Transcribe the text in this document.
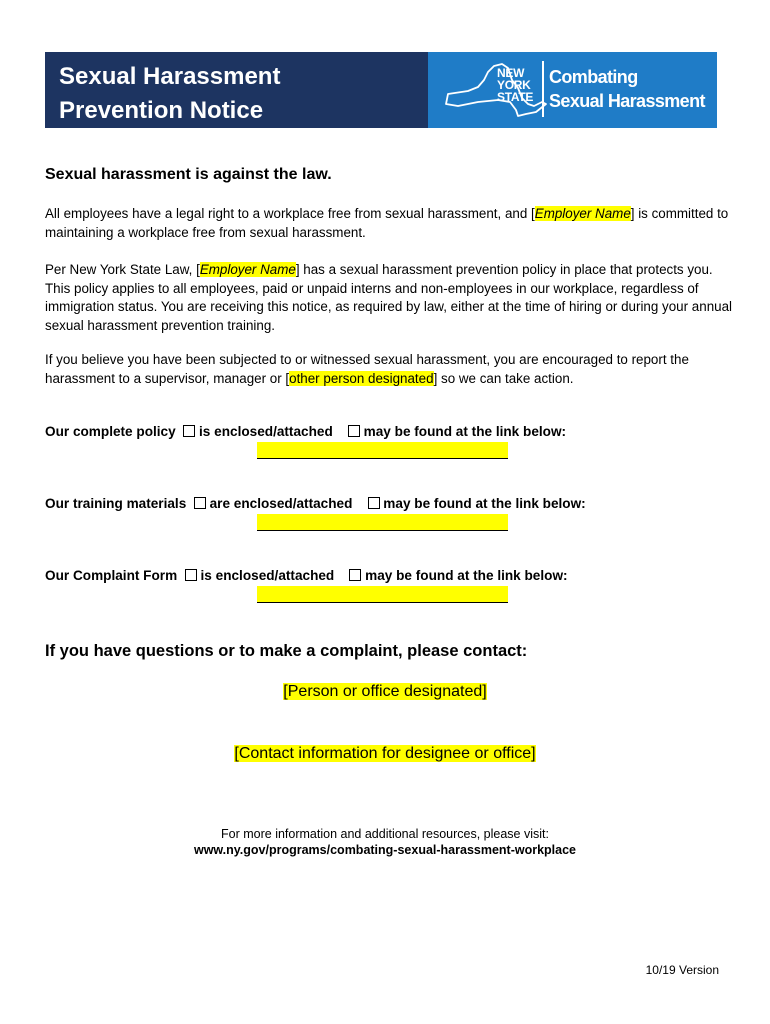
Sexual Harassment
Prevention Notice
NEW
YORK
STATE
Combating
Sexual Harassment
Sexual harassment is against the law.
All employees have a legal right to a workplace free from sexual harassment, and [Employer Name] is committed to maintaining a workplace free from sexual harassment.
Per New York State Law, [Employer Name] has a sexual harassment prevention policy in place that protects you. This policy applies to all employees, paid or unpaid interns and non-employees in our workplace, regardless of immigration status. You are receiving this notice, as required by law, either at the time of hiring or during your annual sexual harassment prevention training.
If you believe you have been subjected to or witnessed sexual harassment, you are encouraged to report the harassment to a supervisor, manager or [other person designated] so we can take action.
Our complete policy is enclosed/attached may be found at the link below:
Our training materials are enclosed/attached may be found at the link below:
Our Complaint Form is enclosed/attached may be found at the link below:
If you have questions or to make a complaint, please contact:
[Person or office designated]
[Contact information for designee or office]
For more information and additional resources, please visit:
www.ny.gov/programs/combating-sexual-harassment-workplace
10/19 Version
